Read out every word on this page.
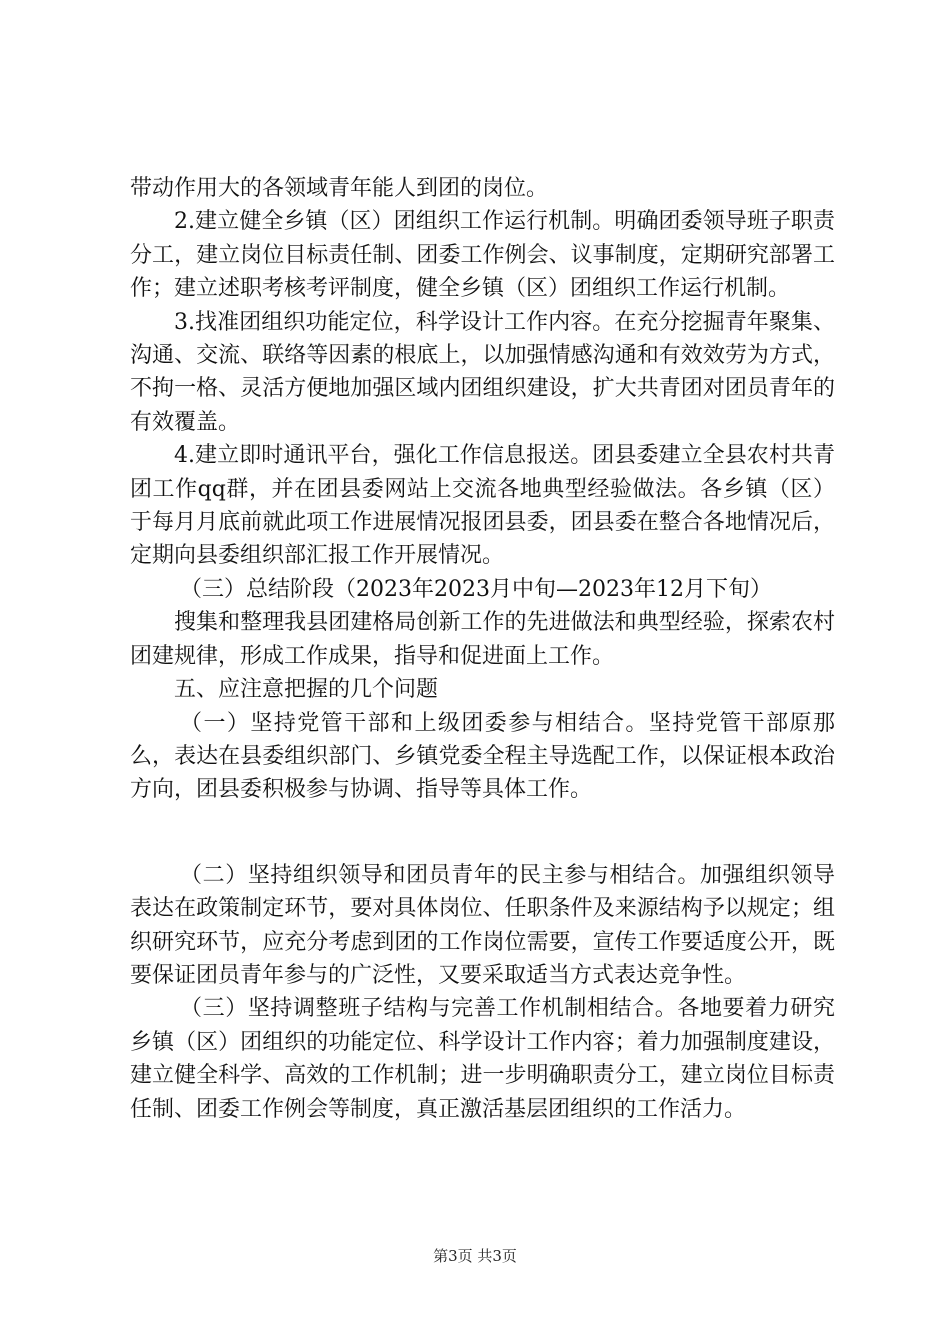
带动作用大的各领域青年能人到团的岗位。

2.建立健全乡镇（区）团组织工作运行机制。明确团委领导班子职责分工，建立岗位目标责任制、团委工作例会、议事制度，定期研究部署工作；建立述职考核考评制度，健全乡镇（区）团组织工作运行机制。

3.找准团组织功能定位，科学设计工作内容。在充分挖掘青年聚集、沟通、交流、联络等因素的根底上，以加强情感沟通和有效效劳为方式，不拘一格、灵活方便地加强区域内团组织建设，扩大共青团对团员青年的有效覆盖。

4.建立即时通讯平台，强化工作信息报送。团县委建立全县农村共青团工作qq群，并在团县委网站上交流各地典型经验做法。各乡镇（区）于每月月底前就此项工作进展情况报团县委，团县委在整合各地情况后，定期向县委组织部汇报工作开展情况。

（三）总结阶段（2023年2023月中旬—2023年12月下旬）

搜集和整理我县团建格局创新工作的先进做法和典型经验，探索农村团建规律，形成工作成果，指导和促进面上工作。

五、应注意把握的几个问题

（一）坚持党管干部和上级团委参与相结合。坚持党管干部原那么，表达在县委组织部门、乡镇党委全程主导选配工作，以保证根本政治方向，团县委积极参与协调、指导等具体工作。

（二）坚持组织领导和团员青年的民主参与相结合。加强组织领导表达在政策制定环节，要对具体岗位、任职条件及来源结构予以规定；组织研究环节，应充分考虑到团的工作岗位需要，宣传工作要适度公开，既要保证团员青年参与的广泛性，又要采取适当方式表达竞争性。

（三）坚持调整班子结构与完善工作机制相结合。各地要着力研究乡镇（区）团组织的功能定位、科学设计工作内容；着力加强制度建设，建立健全科学、高效的工作机制；进一步明确职责分工，建立岗位目标责任制、团委工作例会等制度，真正激活基层团组织的工作活力。

第3页 共3页
